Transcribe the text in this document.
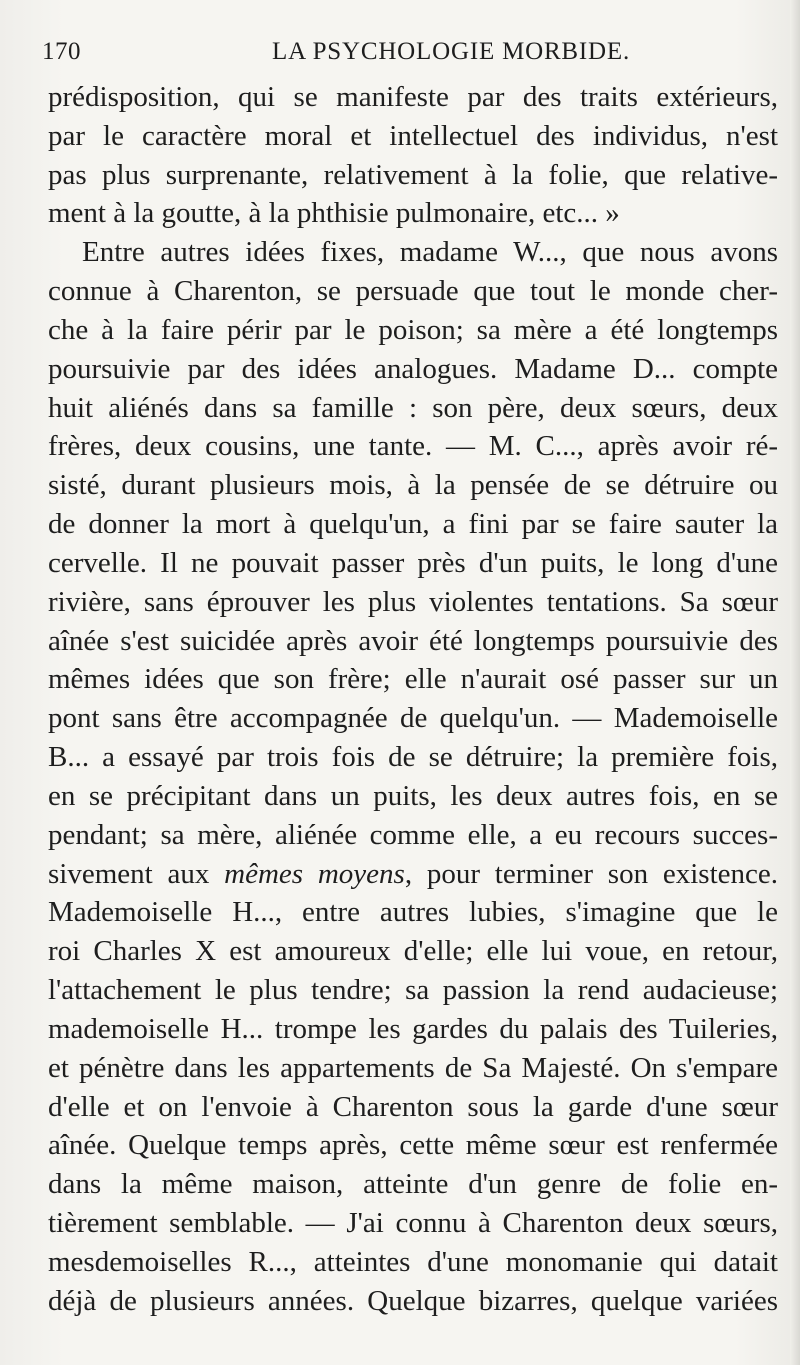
170	LA PSYCHOLOGIE MORBIDE.
prédisposition, qui se manifeste par des traits extérieurs,
par le caractère moral et intellectuel des individus, n'est
pas plus surprenante, relativement à la folie, que relative-
ment à la goutte, à la phthisie pulmonaire, etc... »
Entre autres idées fixes, madame W..., que nous avons
connue à Charenton, se persuade que tout le monde cher-
che à la faire périr par le poison; sa mère a été longtemps
poursuivie par des idées analogues. Madame D... compte
huit aliénés dans sa famille : son père, deux sœurs, deux
frères, deux cousins, une tante. — M. C..., après avoir ré-
sisté, durant plusieurs mois, à la pensée de se détruire ou
de donner la mort à quelqu'un, a fini par se faire sauter la
cervelle. Il ne pouvait passer près d'un puits, le long d'une
rivière, sans éprouver les plus violentes tentations. Sa sœur
aînée s'est suicidée après avoir été longtemps poursuivie des
mêmes idées que son frère; elle n'aurait osé passer sur un
pont sans être accompagnée de quelqu'un. — Mademoiselle
B... a essayé par trois fois de se détruire; la première fois,
en se précipitant dans un puits, les deux autres fois, en se
pendant; sa mère, aliénée comme elle, a eu recours succes-
sivement aux mêmes moyens, pour terminer son existence.
Mademoiselle H..., entre autres lubies, s'imagine que le
roi Charles X est amoureux d'elle; elle lui voue, en retour,
l'attachement le plus tendre; sa passion la rend audacieuse;
mademoiselle H... trompe les gardes du palais des Tuileries,
et pénètre dans les appartements de Sa Majesté. On s'empare
d'elle et on l'envoie à Charenton sous la garde d'une sœur
aînée. Quelque temps après, cette même sœur est renfermée
dans la même maison, atteinte d'un genre de folie en-
tièrement semblable. — J'ai connu à Charenton deux sœurs,
mesdemoiselles R..., atteintes d'une monomanie qui datait
déjà de plusieurs années. Quelque bizarres, quelque variées
